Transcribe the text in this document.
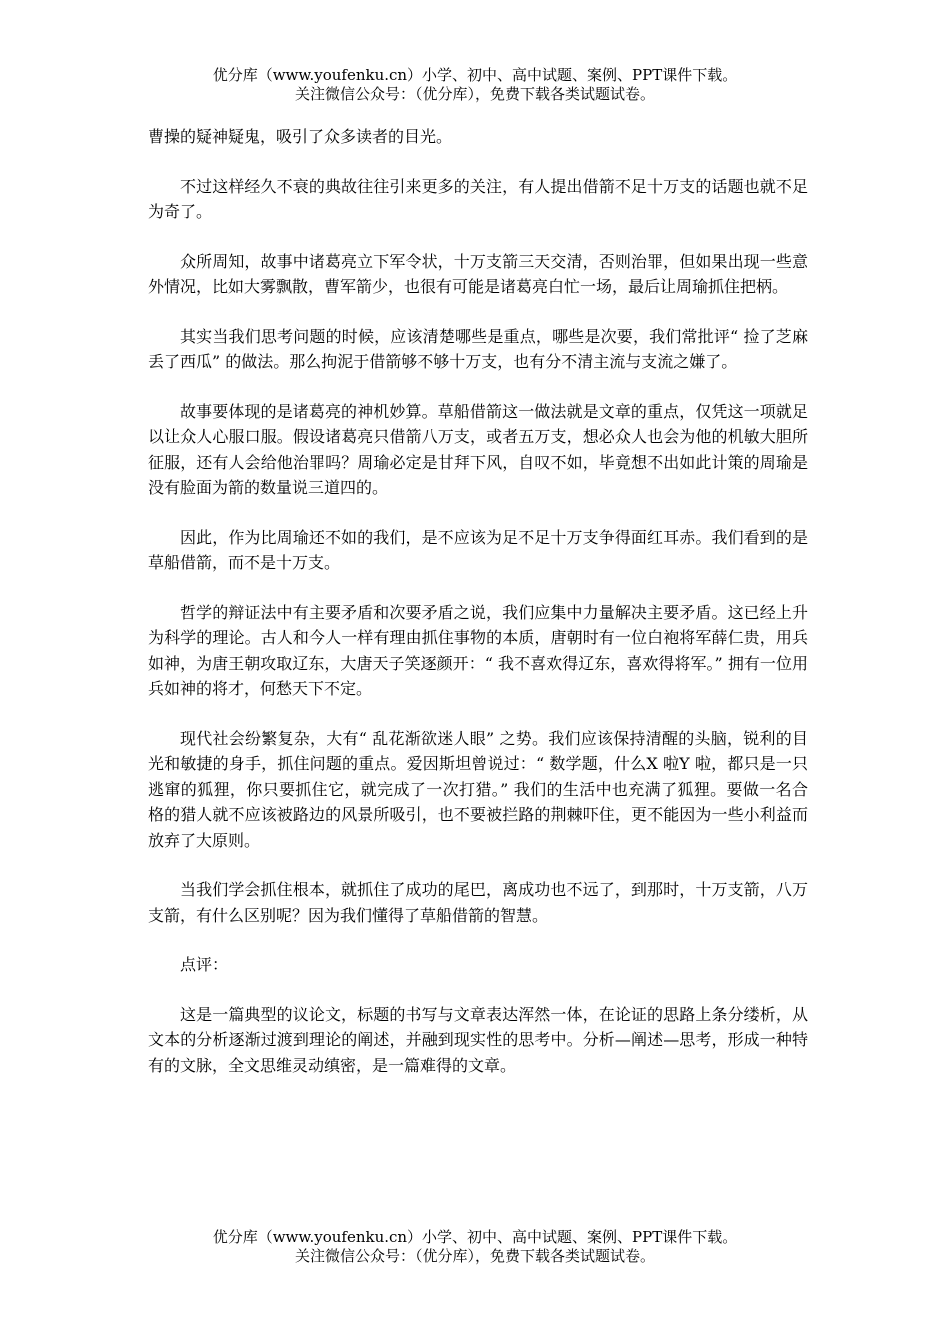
优分库（www.youfenku.cn）小学、初中、高中试题、案例、PPT课件下载。
关注微信公众号：（优分库），免费下载各类试题试卷。

曹操的疑神疑鬼，吸引了众多读者的目光。

不过这样经久不衰的典故往往引来更多的关注，有人提出借箭不足十万支的话题也就不足为奇了。

众所周知，故事中诸葛亮立下军令状，十万支箭三天交清，否则治罪，但如果出现一些意外情况，比如大雾飘散，曹军箭少，也很有可能是诸葛亮白忙一场，最后让周瑜抓住把柄。

其实当我们思考问题的时候，应该清楚哪些是重点，哪些是次要，我们常批评“ 捡了芝麻丢了西瓜” 的做法。那么拘泥于借箭够不够十万支，也有分不清主流与支流之嫌了。

故事要体现的是诸葛亮的神机妙算。草船借箭这一做法就是文章的重点，仅凭这一项就足以让众人心服口服。假设诸葛亮只借箭八万支，或者五万支，想必众人也会为他的机敏大胆所征服，还有人会给他治罪吗？周瑜必定是甘拜下风，自叹不如，毕竟想不出如此计策的周瑜是没有脸面为箭的数量说三道四的。

因此，作为比周瑜还不如的我们，是不应该为足不足十万支争得面红耳赤。我们看到的是草船借箭，而不是十万支。

哲学的辩证法中有主要矛盾和次要矛盾之说，我们应集中力量解决主要矛盾。这已经上升为科学的理论。古人和今人一样有理由抓住事物的本质，唐朝时有一位白袍将军薛仁贵，用兵如神，为唐王朝攻取辽东，大唐天子笑逐颜开：“ 我不喜欢得辽东，喜欢得将军。” 拥有一位用兵如神的将才，何愁天下不定。

现代社会纷繁复杂，大有“ 乱花渐欲迷人眼” 之势。我们应该保持清醒的头脑，锐利的目光和敏捷的身手，抓住问题的重点。爱因斯坦曾说过：“ 数学题，什么X 啦Y 啦，都只是一只逃窜的狐狸，你只要抓住它，就完成了一次打猎。” 我们的生活中也充满了狐狸。要做一名合格的猎人就不应该被路边的风景所吸引，也不要被拦路的荆棘吓住，更不能因为一些小利益而放弃了大原则。

当我们学会抓住根本，就抓住了成功的尾巴，离成功也不远了，到那时，十万支箭，八万支箭，有什么区别呢？因为我们懂得了草船借箭的智慧。

点评：

这是一篇典型的议论文，标题的书写与文章表达浑然一体，在论证的思路上条分缕析，从文本的分析逐渐过渡到理论的阐述，并融到现实性的思考中。分析—阐述—思考，形成一种特有的文脉，全文思维灵动缜密，是一篇难得的文章。

优分库（www.youfenku.cn）小学、初中、高中试题、案例、PPT课件下载。
关注微信公众号：（优分库），免费下载各类试题试卷。
